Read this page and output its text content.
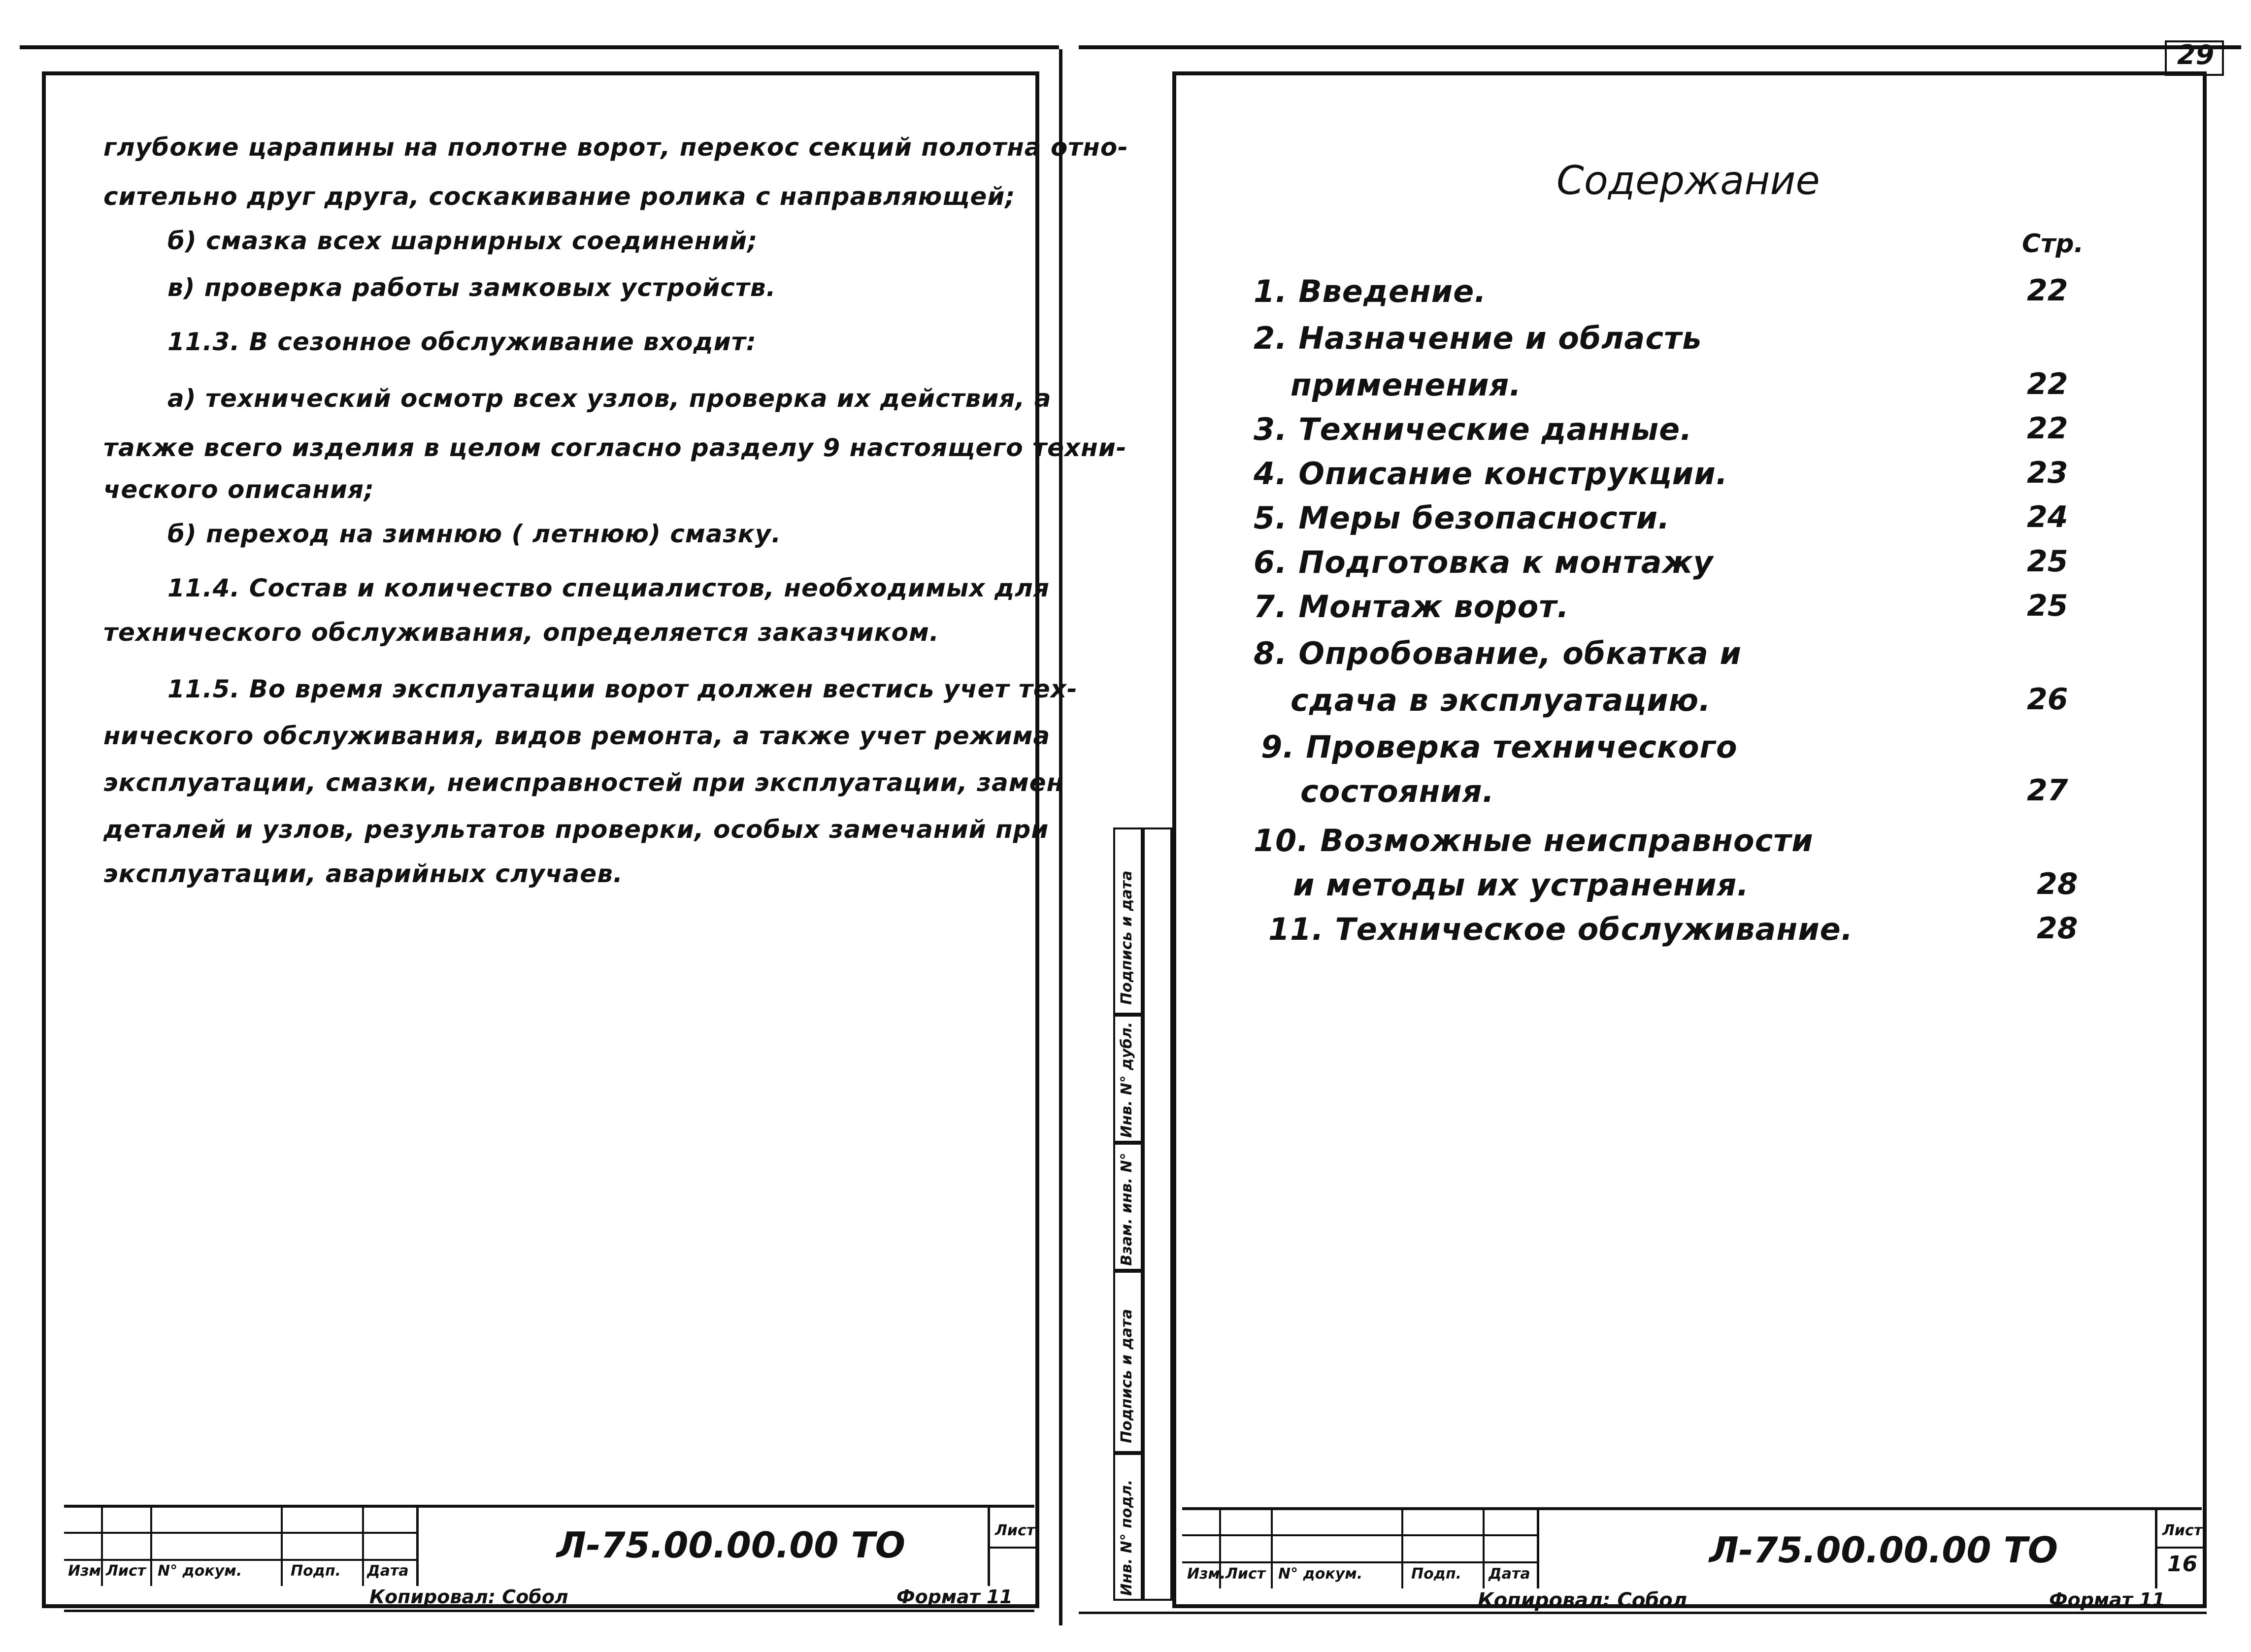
глубокие царапины на полотне ворот, перекос секций полотна отно-
сительно друг друга, соскакивание ролика с направляющей;
б) смазка всех шарнирных соединений;
в) проверка работы замковых устройств.
11.3. В сезонное обслуживание входит:
а) технический осмотр всех узлов, проверка их действия, а
также всего изделия в целом согласно разделу 9 настоящего техни-
ческого описания;
б) переход на зимнюю ( летнюю) смазку.
11.4. Состав и количество специалистов, необходимых для
технического обслуживания, определяется заказчиком.
11.5. Во время эксплуатации ворот должен вестись учет тех-
нического обслуживания, видов ремонта, а также учет режима
эксплуатации, смазки, неисправностей при эксплуатации, замен
деталей и узлов, результатов проверки, особых замечаний при
эксплуатации, аварийных случаев.
Изм Лист N° докум.	Подп. Дата
Л-75.00.00.00 ТО	Лист
Копировал: Собол	Формат 11
29
Содержание
Стр.
1. Введение.	22
2. Назначение и область
применения.	22
3. Технические данные.	22
4. Описание конструкции.	23
5. Меры безопасности.	24
6. Подготовка к монтажу	25
7. Монтаж ворот.	25
8. Опробование, обкатка и
сдача в эксплуатацию.	26
9. Проверка технического
состояния.	27
10. Возможные неисправности
и методы их устранения.	28
11. Техническое обслуживание.	28
Инв. N° подл.
Подпись и дата
Взам. инв. N°
Инв. N° дубл.
Подпись и дата
Изм. Лист N° докум.	Подп. Дата
Л-75.00.00.00 ТО	Лист
16
Копировал: Собол	Формат 11
